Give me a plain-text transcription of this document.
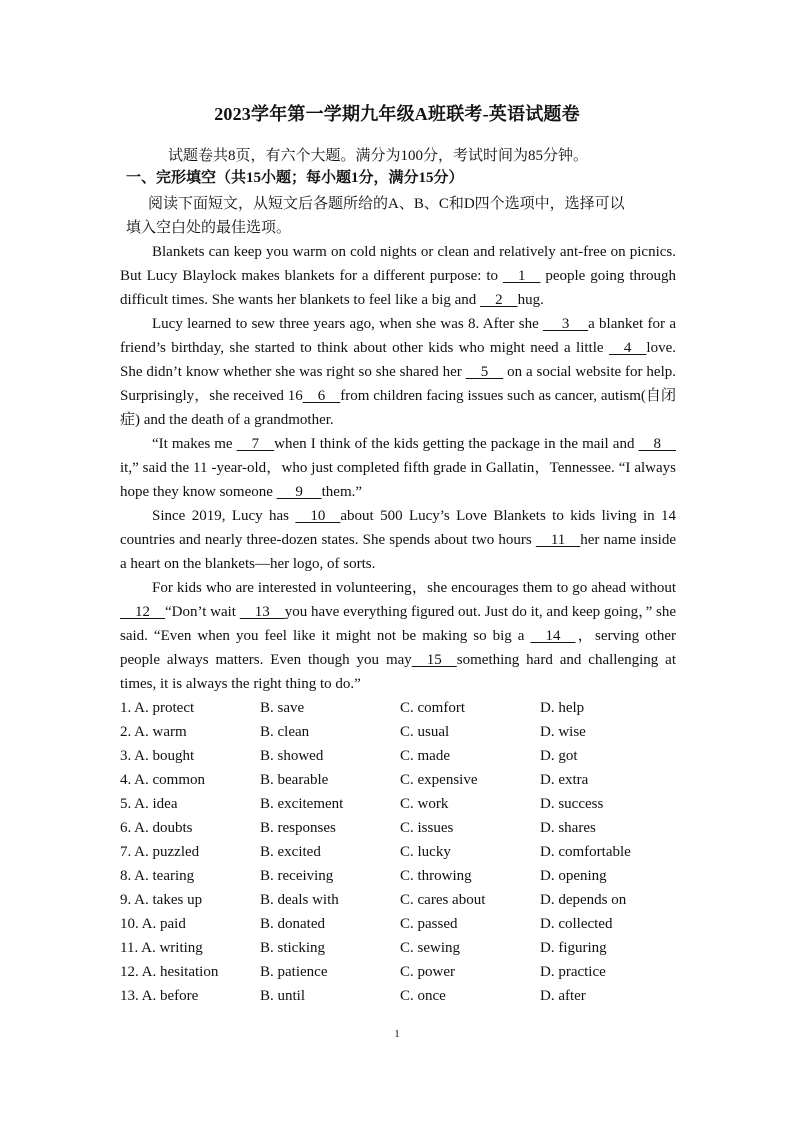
2023学年第一学期九年级A班联考-英语试题卷
试题卷共8页，有六个大题。满分为100分，考试时间为85分钟。
一、完形填空（共15小题；每小题1分，满分15分）
阅读下面短文，从短文后各题所给的A、B、C和D四个选项中，选择可以
填入空白处的最佳选项。

Blankets can keep you warm on cold nights or clean and relatively ant-free on picnics. But Lucy Blaylock makes blankets for a different purpose: to     1     people going through difficult times. She wants her blankets to feel like a big and     2    hug.

Lucy learned to sew three years ago, when she was 8. After she      3     a blanket for a friend’s birthday, she started to think about other kids who might need a little     4    love. She didn’t know whether she was right so she shared her     5     on a social website for help. Surprisingly，she received 16    6    from children facing issues such as cancer, autism(自闭症) and the death of a grandmother.

“It makes me     7    when I think of the kids getting the package in the mail and     8     it,” said the 11 -year-old，who just completed fifth grade in Gallatin，Tennessee. “I always hope they know someone      9     them.”

Since 2019, Lucy has     10    about 500 Lucy’s Love Blankets to kids living in 14 countries and nearly three-dozen states. She spends about two hours     11    her name inside a heart on the blankets—her logo, of sorts.

For kids who are interested in volunteering，she encourages them to go ahead without     12    “Don’t wait     13    you have everything figured out. Just do it, and keep going，” she said. “Even when you feel like it might not be making so big a     14    ，serving other people always matters. Even though you may    15    something hard and challenging at times, it is always the right thing to do.”

1. A. protect	B. save	C. comfort	D. help
2. A. warm	B. clean	C. usual	D. wise
3. A. bought	B. showed	C. made	D. got
4. A. common	B. bearable	C. expensive	D. extra
5. A. idea	B. excitement	C. work	D. success
6. A. doubts	B. responses	C. issues	D. shares
7. A. puzzled	B. excited	C. lucky	D. comfortable
8. A. tearing	B. receiving	C. throwing	D. opening
9. A. takes up	B. deals with	C. cares about	D. depends on
10. A. paid	B. donated	C. passed	D. collected
11. A. writing	B. sticking	C. sewing	D. figuring
12. A. hesitation	B. patience	C. power	D. practice
13. A. before	B. until	C. once	D. after
1
